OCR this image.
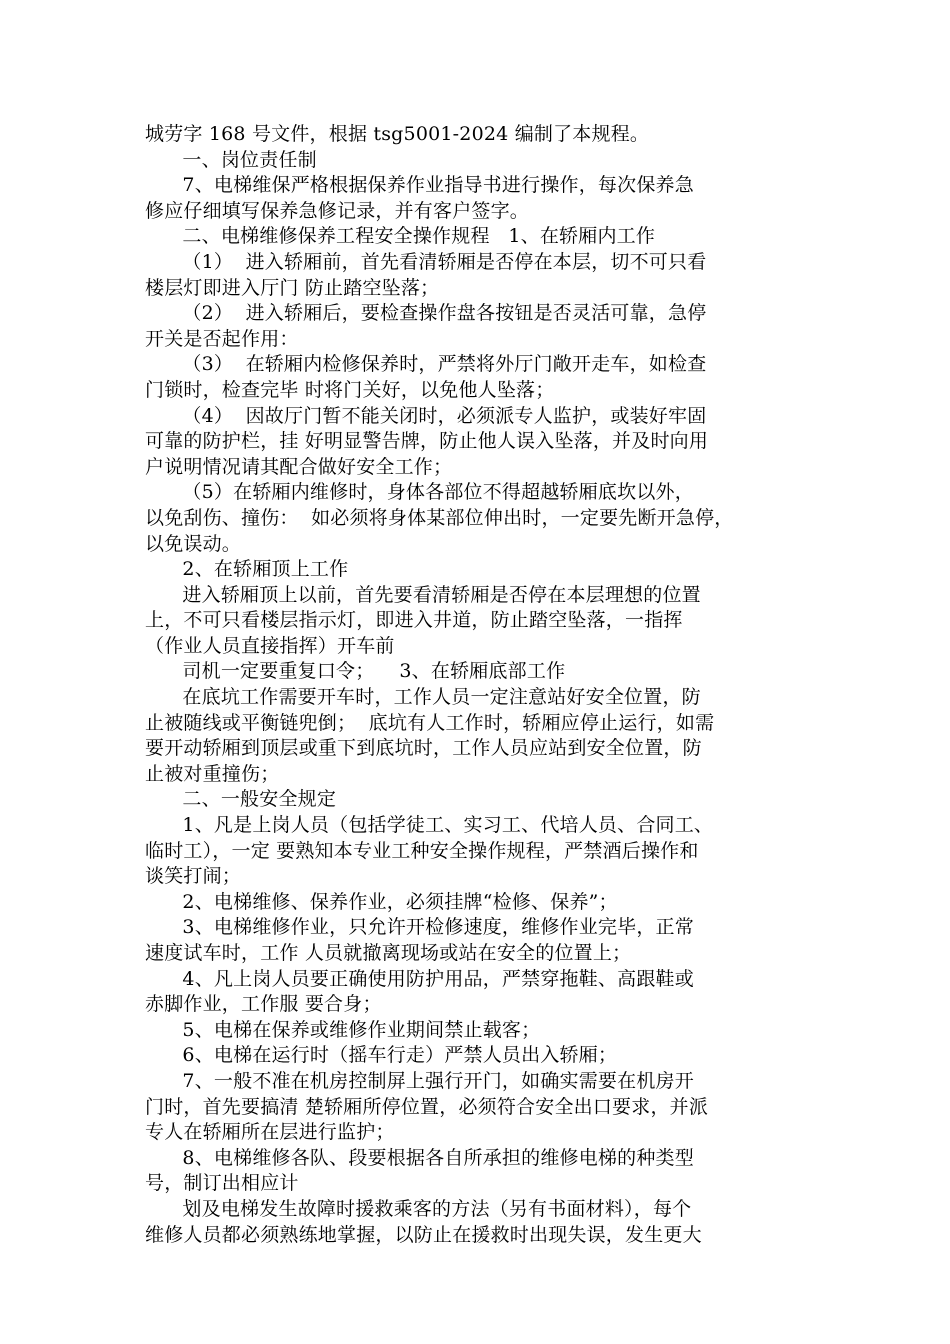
城劳字 168 号文件，根据 tsg5001-2024 编制了本规程。
一、岗位责任制
7、电梯维保严格根据保养作业指导书进行操作，每次保养急
修应仔细填写保养急修记录，并有客户签字。
二、电梯维修保养工程安全操作规程   1、在轿厢内工作
（1）  进入轿厢前，首先看清轿厢是否停在本层，切不可只看
楼层灯即进入厅门 防止踏空坠落；
（2）  进入轿厢后，要检查操作盘各按钮是否灵活可靠，急停
开关是否起作用：
（3）  在轿厢内检修保养时，严禁将外厅门敞开走车，如检查
门锁时，检查完毕 时将门关好，以免他人坠落；
（4）  因故厅门暂不能关闭时，必须派专人监护，或装好牢固
可靠的防护栏，挂 好明显警告牌，防止他人误入坠落，并及时向用
户说明情况请其配合做好安全工作；
（5）在轿厢内维修时，身体各部位不得超越轿厢底坎以外，
以免刮伤、撞伤：  如必须将身体某部位伸出时，一定要先断开急停，
以免误动。
2、在轿厢顶上工作
进入轿厢顶上以前，首先要看清轿厢是否停在本层理想的位置
上，不可只看楼层指示灯，即进入井道，防止踏空坠落，一指挥
（作业人员直接指挥）开车前
司机一定要重复口令；    3、在轿厢底部工作
在底坑工作需要开车时，工作人员一定注意站好安全位置，防
止被随线或平衡链兜倒；  底坑有人工作时，轿厢应停止运行，如需
要开动轿厢到顶层或重下到底坑时，工作人员应站到安全位置，防
止被对重撞伤；
二、一般安全规定
1、凡是上岗人员（包括学徒工、实习工、代培人员、合同工、
临时工），一定 要熟知本专业工种安全操作规程，严禁酒后操作和
谈笑打闹；
2、电梯维修、保养作业，必须挂牌“检修、保养”；
3、电梯维修作业，只允许开检修速度，维修作业完毕，正常
速度试车时，工作 人员就撤离现场或站在安全的位置上；
4、凡上岗人员要正确使用防护用品，严禁穿拖鞋、高跟鞋或
赤脚作业，工作服 要合身；
5、电梯在保养或维修作业期间禁止载客；
6、电梯在运行时（摇车行走）严禁人员出入轿厢；
7、一般不准在机房控制屏上强行开门，如确实需要在机房开
门时，首先要搞清 楚轿厢所停位置，必须符合安全出口要求，并派
专人在轿厢所在层进行监护；
8、电梯维修各队、段要根据各自所承担的维修电梯的种类型
号，制订出相应计
划及电梯发生故障时援救乘客的方法（另有书面材料），每个
维修人员都必须熟练地掌握，以防止在援救时出现失误，发生更大
